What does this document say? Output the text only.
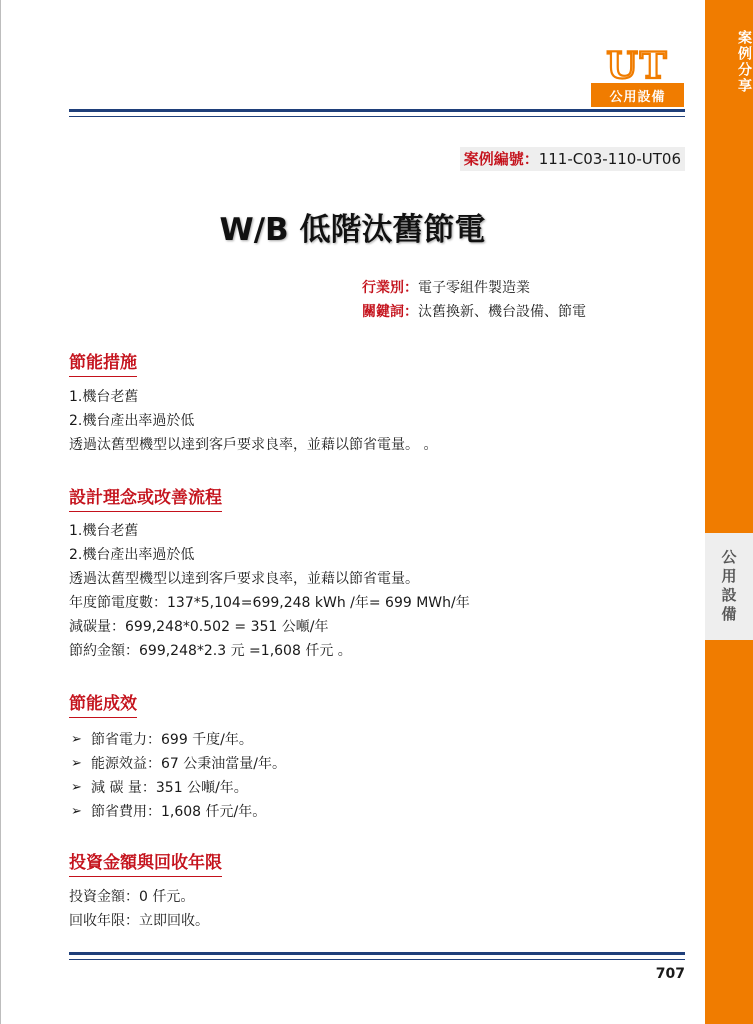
案例分享
公用設備
UT
公用設備
案例編號：111-C03-110-UT06
W/B 低階汰舊節電
行業別：電子零組件製造業
關鍵詞：汰舊換新、機台設備、節電
節能措施
1.機台老舊
2.機台產出率過於低
透過汰舊型機型以達到客戶要求良率，並藉以節省電量。 。
設計理念或改善流程
1.機台老舊
2.機台產出率過於低
透過汰舊型機型以達到客戶要求良率，並藉以節省電量。
年度節電度數：137*5,104=699,248 kWh /年= 699 MWh/年
減碳量：699,248*0.502 = 351 公噸/年
節約金額：699,248*2.3 元 =1,608 仟元 。
節能成效
➢ 節省電力：699 千度/年。
➢ 能源效益：67 公秉油當量/年。
➢ 減 碳 量：351 公噸/年。
➢ 節省費用：1,608 仟元/年。
投資金額與回收年限
投資金額：0 仟元。
回收年限：立即回收。
707
